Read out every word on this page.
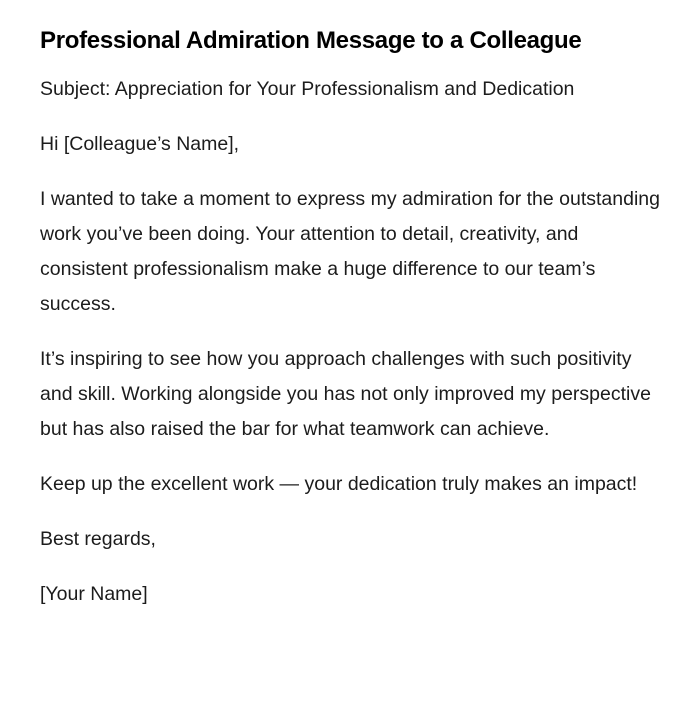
Professional Admiration Message to a Colleague

Subject: Appreciation for Your Professionalism and Dedication

Hi [Colleague’s Name],

I wanted to take a moment to express my admiration for the outstanding work you’ve been doing. Your attention to detail, creativity, and consistent professionalism make a huge difference to our team’s success.

It’s inspiring to see how you approach challenges with such positivity and skill. Working alongside you has not only improved my perspective but has also raised the bar for what teamwork can achieve.

Keep up the excellent work — your dedication truly makes an impact!

Best regards,

[Your Name]
